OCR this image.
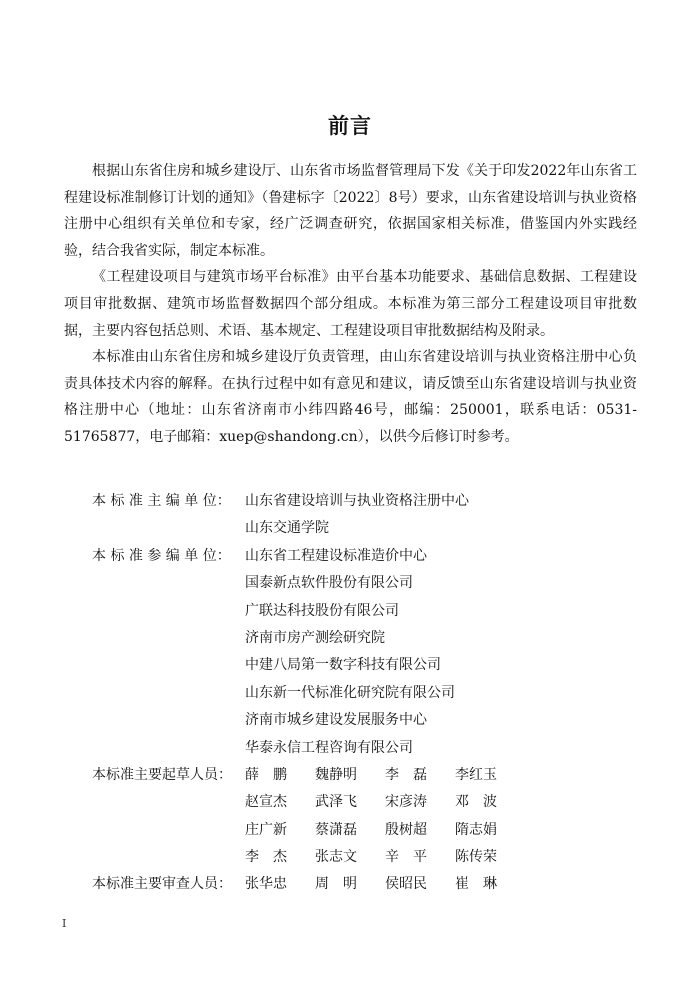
前言

根据山东省住房和城乡建设厅、山东省市场监督管理局下发《关于印发2022年山东省工程建设标准制修订计划的通知》（鲁建标字〔2022〕8号）要求，山东省建设培训与执业资格注册中心组织有关单位和专家，经广泛调查研究，依据国家相关标准，借鉴国内外实践经验，结合我省实际，制定本标准。

《工程建设项目与建筑市场平台标准》由平台基本功能要求、基础信息数据、工程建设项目审批数据、建筑市场监督数据四个部分组成。本标准为第三部分工程建设项目审批数据，主要内容包括总则、术语、基本规定、工程建设项目审批数据结构及附录。

本标准由山东省住房和城乡建设厅负责管理，由山东省建设培训与执业资格注册中心负责具体技术内容的解释。在执行过程中如有意见和建议，请反馈至山东省建设培训与执业资格注册中心（地址：山东省济南市小纬四路46号，邮编：250001，联系电话：0531-51765877，电子邮箱：xuep@shandong.cn），以供今后修订时参考。

本 标 准 主 编 单 位：	山东省建设培训与执业资格注册中心
山东交通学院
本 标 准 参 编 单 位：	山东省工程建设标准造价中心
国泰新点软件股份有限公司
广联达科技股份有限公司
济南市房产测绘研究院
中建八局第一数字科技有限公司
山东新一代标准化研究院有限公司
济南市城乡建设发展服务中心
华泰永信工程咨询有限公司
本标准主要起草人员： 薛　鹏	魏静明	李　磊	李红玉
赵宣杰	武泽飞	宋彦涛	邓　波
庄广新	蔡潇磊	殷树超	隋志娟
李　杰	张志文	辛　平	陈传荣
本标准主要审查人员： 张华忠	周　明	侯昭民	崔　琳
I
